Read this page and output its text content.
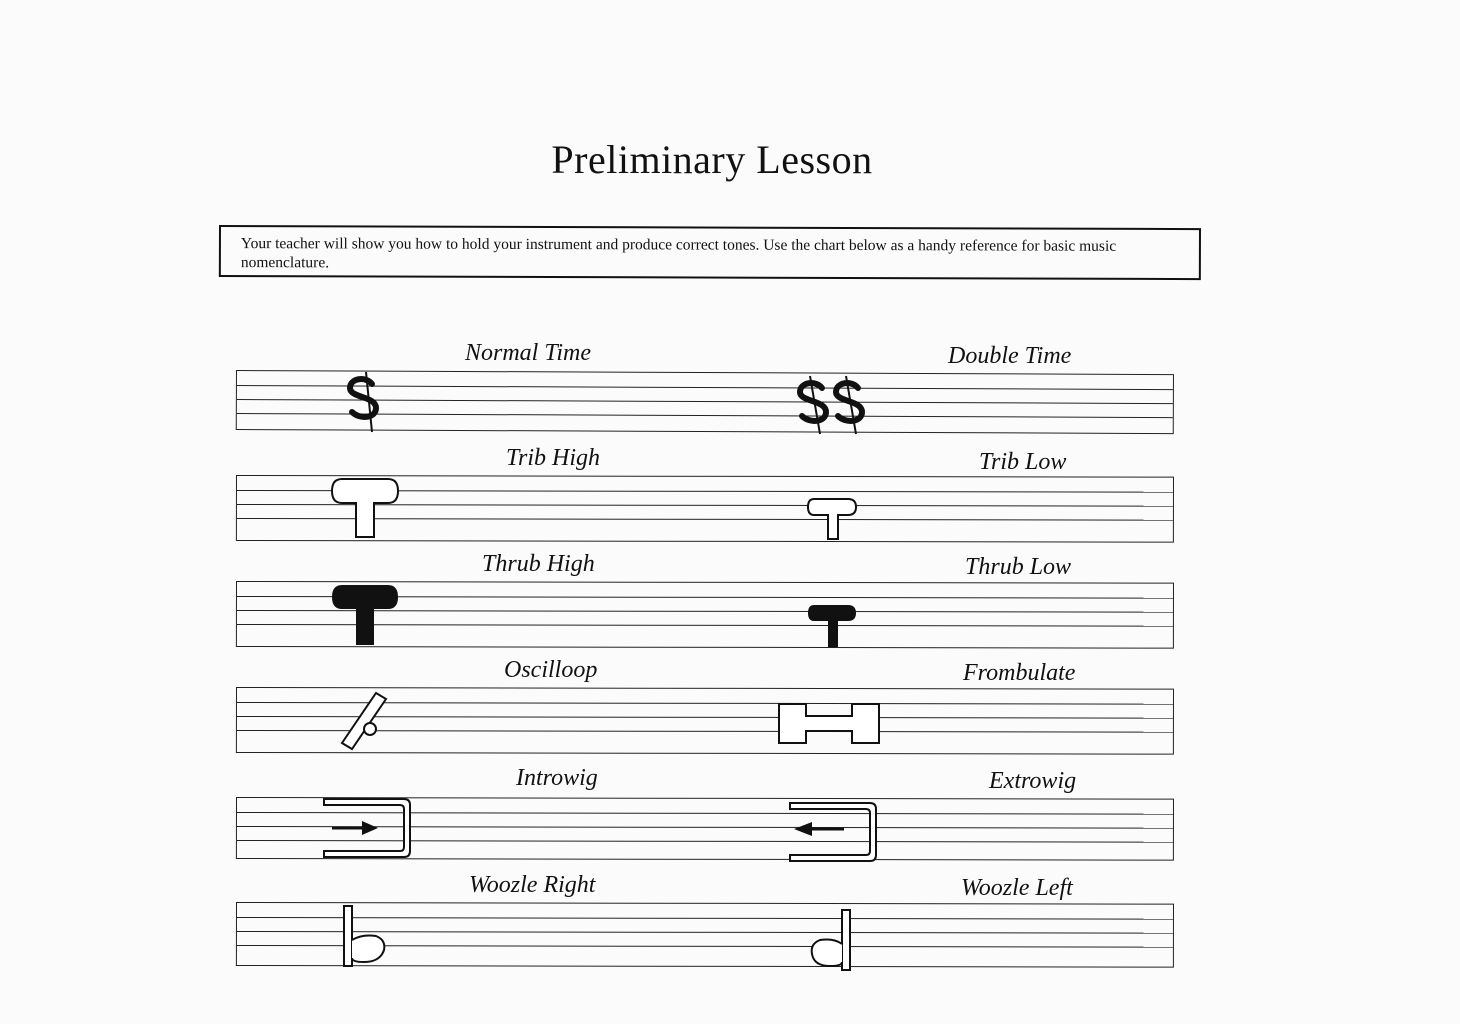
Preliminary Lesson
Your teacher will show you how to hold your instrument and produce correct tones. Use the chart below as a handy reference for basic music nomenclature.
Normal Time	Double Time
Trib High	Trib Low
Thrub High	Thrub Low
Oscilloop	Frombulate
Introwig	Extrowig
Woozle Right	Woozle Left
